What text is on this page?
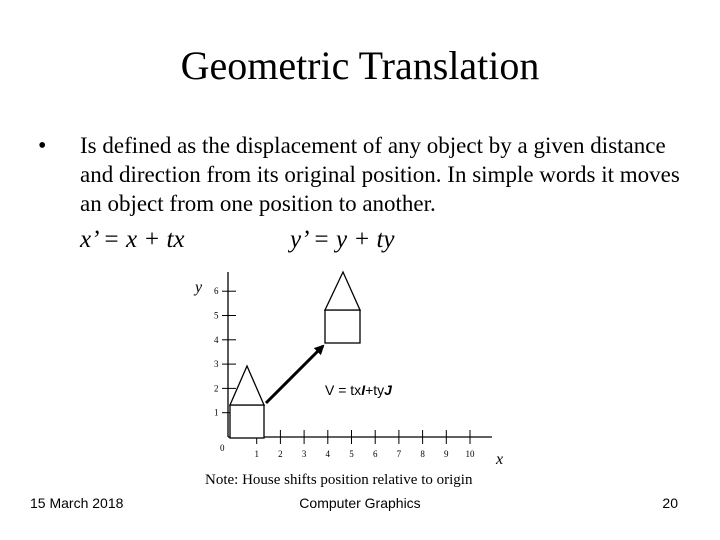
Geometric Translation
• Is defined as the displacement of any object by a given distance and direction from its original position. In simple words it moves an object from one position to another.
x’ = x + tx	y’ = y + ty
y
x
0
1 2 3 4 5 6 7 8 9 10
1
2
3
4
5
6
V = txI+tyJ
Note: House shifts position relative to origin
15 March 2018	Computer Graphics	20
